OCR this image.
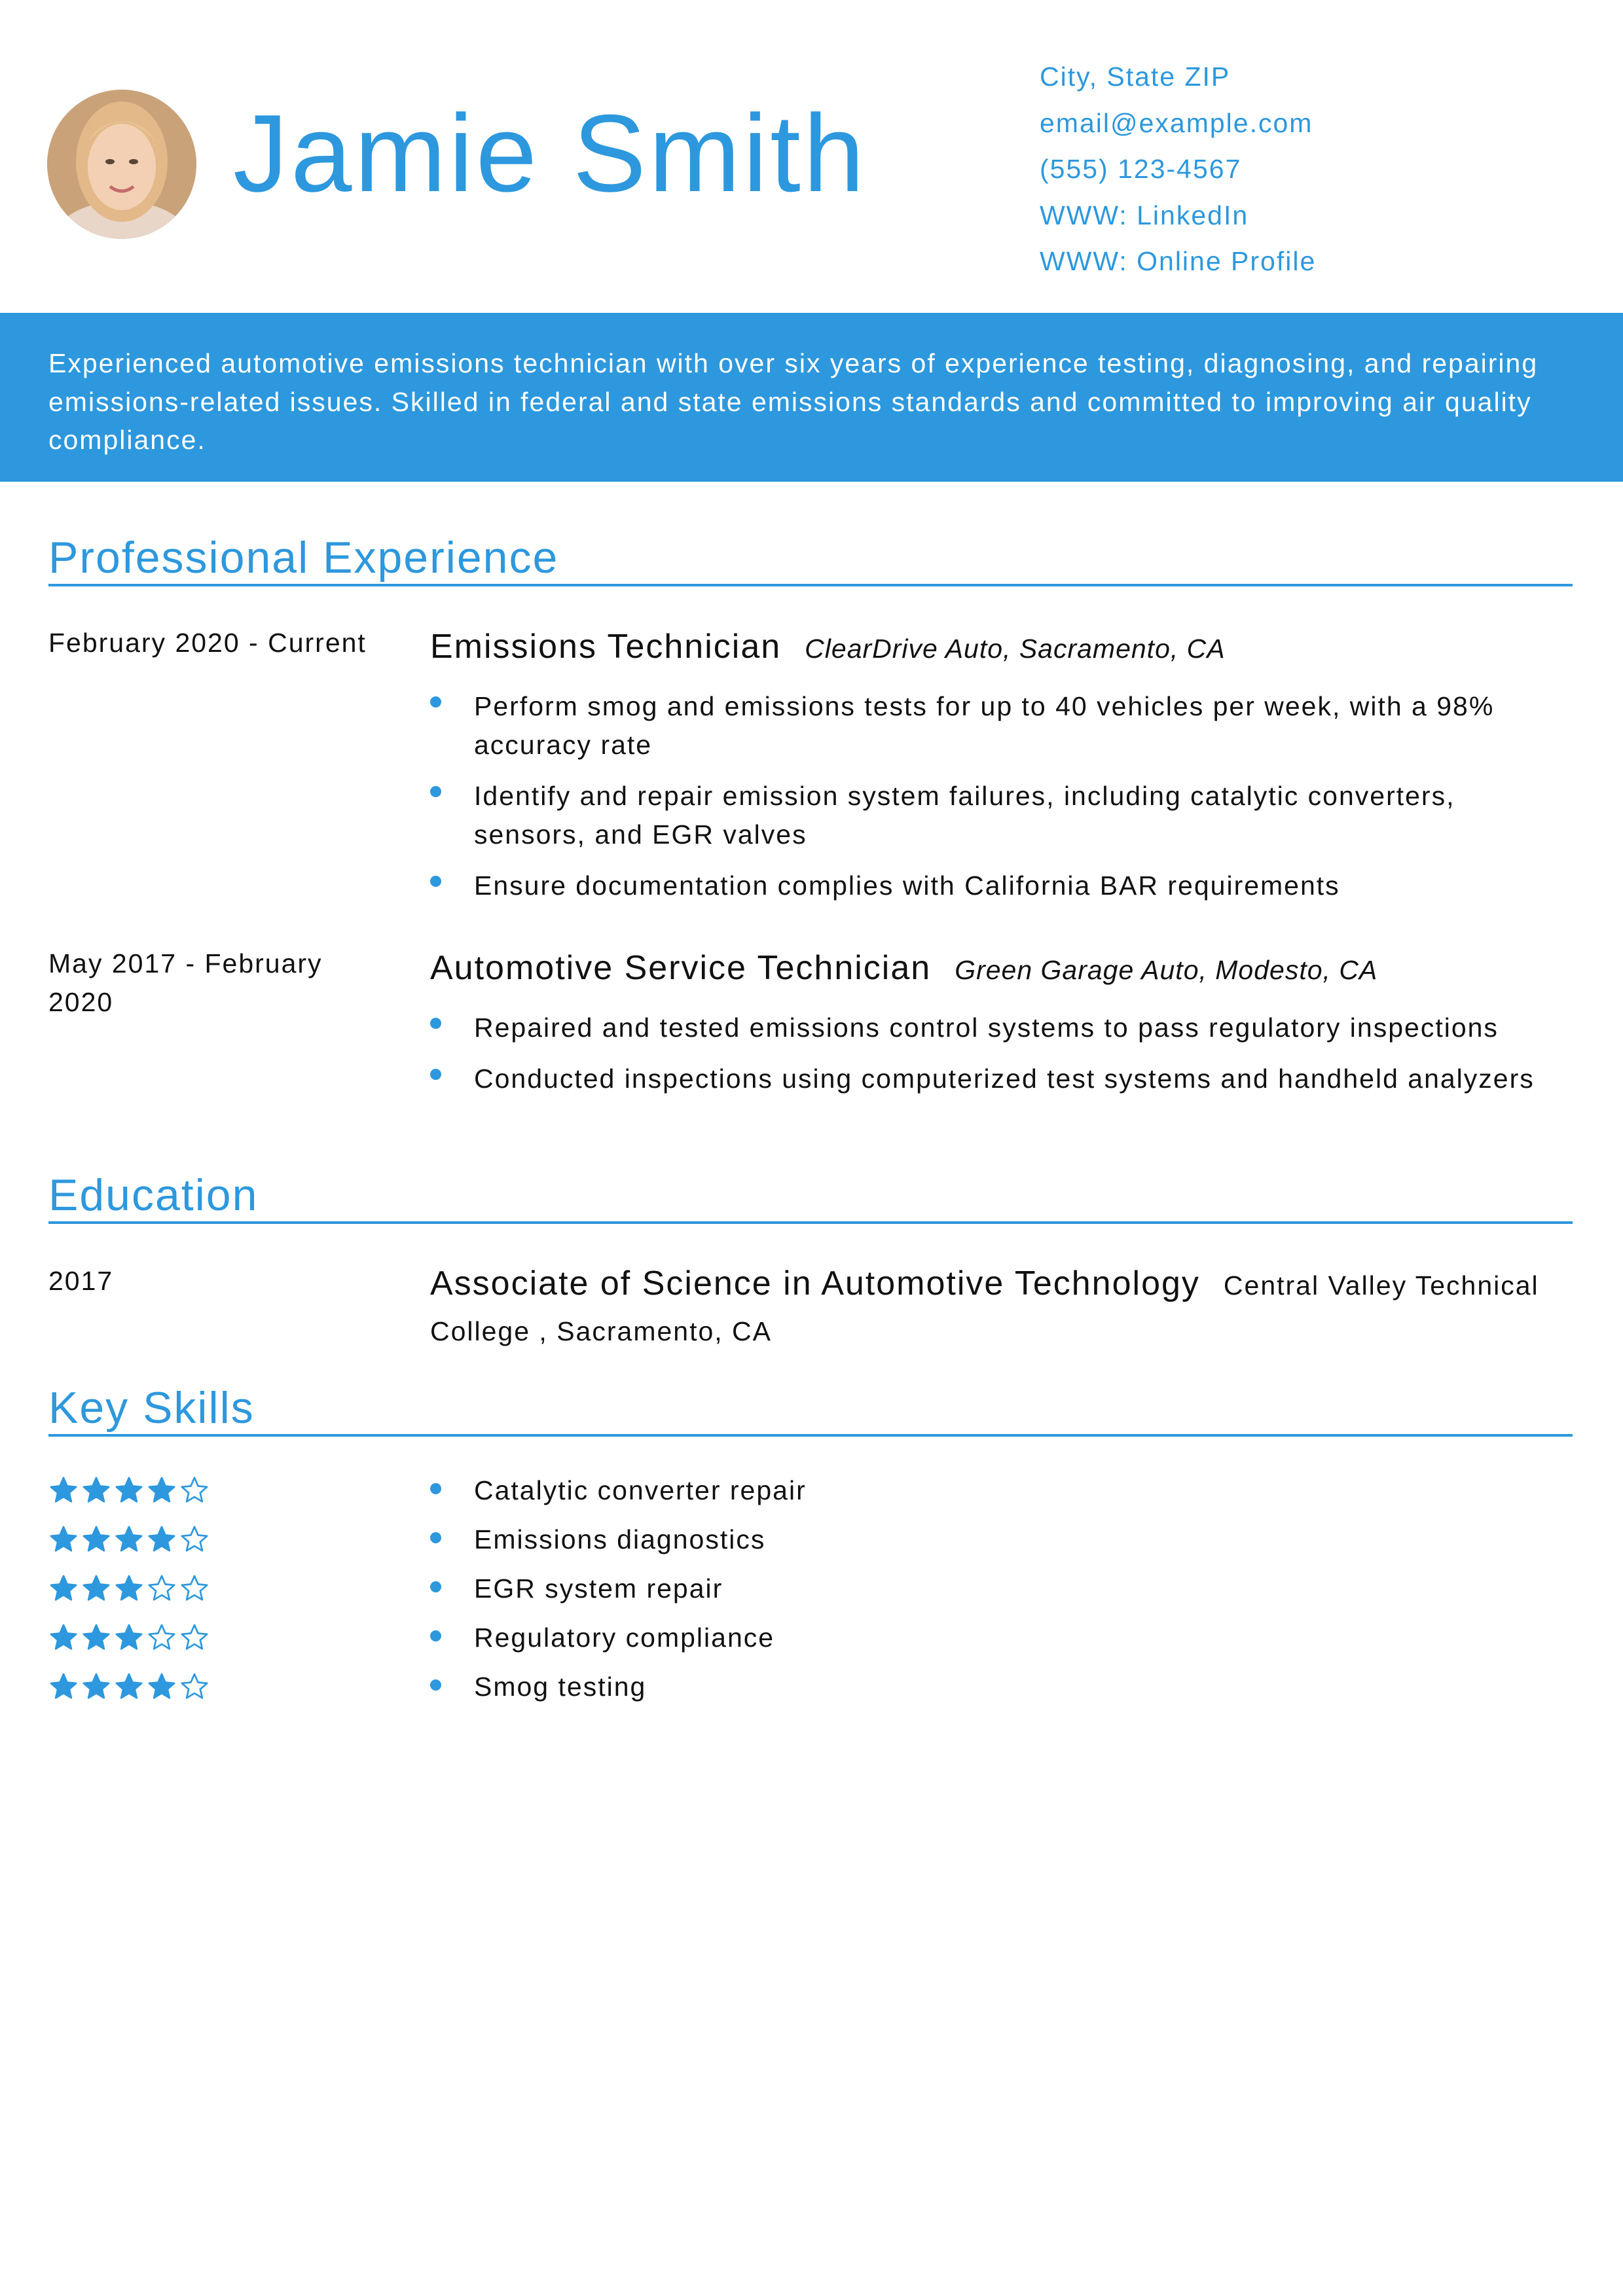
Jamie Smith
City, State ZIP
email@example.com
(555) 123-4567
WWW: LinkedIn
WWW: Online Profile
Experienced automotive emissions technician with over six years of experience testing, diagnosing, and repairing emissions-related issues. Skilled in federal and state emissions standards and committed to improving air quality compliance.
Professional Experience
February 2020 - Current	Emissions Technician ClearDrive Auto, Sacramento, CA
Perform smog and emissions tests for up to 40 vehicles per week, with a 98% accuracy rate
Identify and repair emission system failures, including catalytic converters, sensors, and EGR valves
Ensure documentation complies with California BAR requirements
May 2017 - February 2020
Automotive Service Technician Green Garage Auto, Modesto, CA
Repaired and tested emissions control systems to pass regulatory inspections
Conducted inspections using computerized test systems and handheld analyzers
Education
2017	Associate of Science in Automotive Technology Central Valley Technical College , Sacramento, CA
Key Skills
Catalytic converter repair
Emissions diagnostics
EGR system repair
Regulatory compliance
Smog testing
